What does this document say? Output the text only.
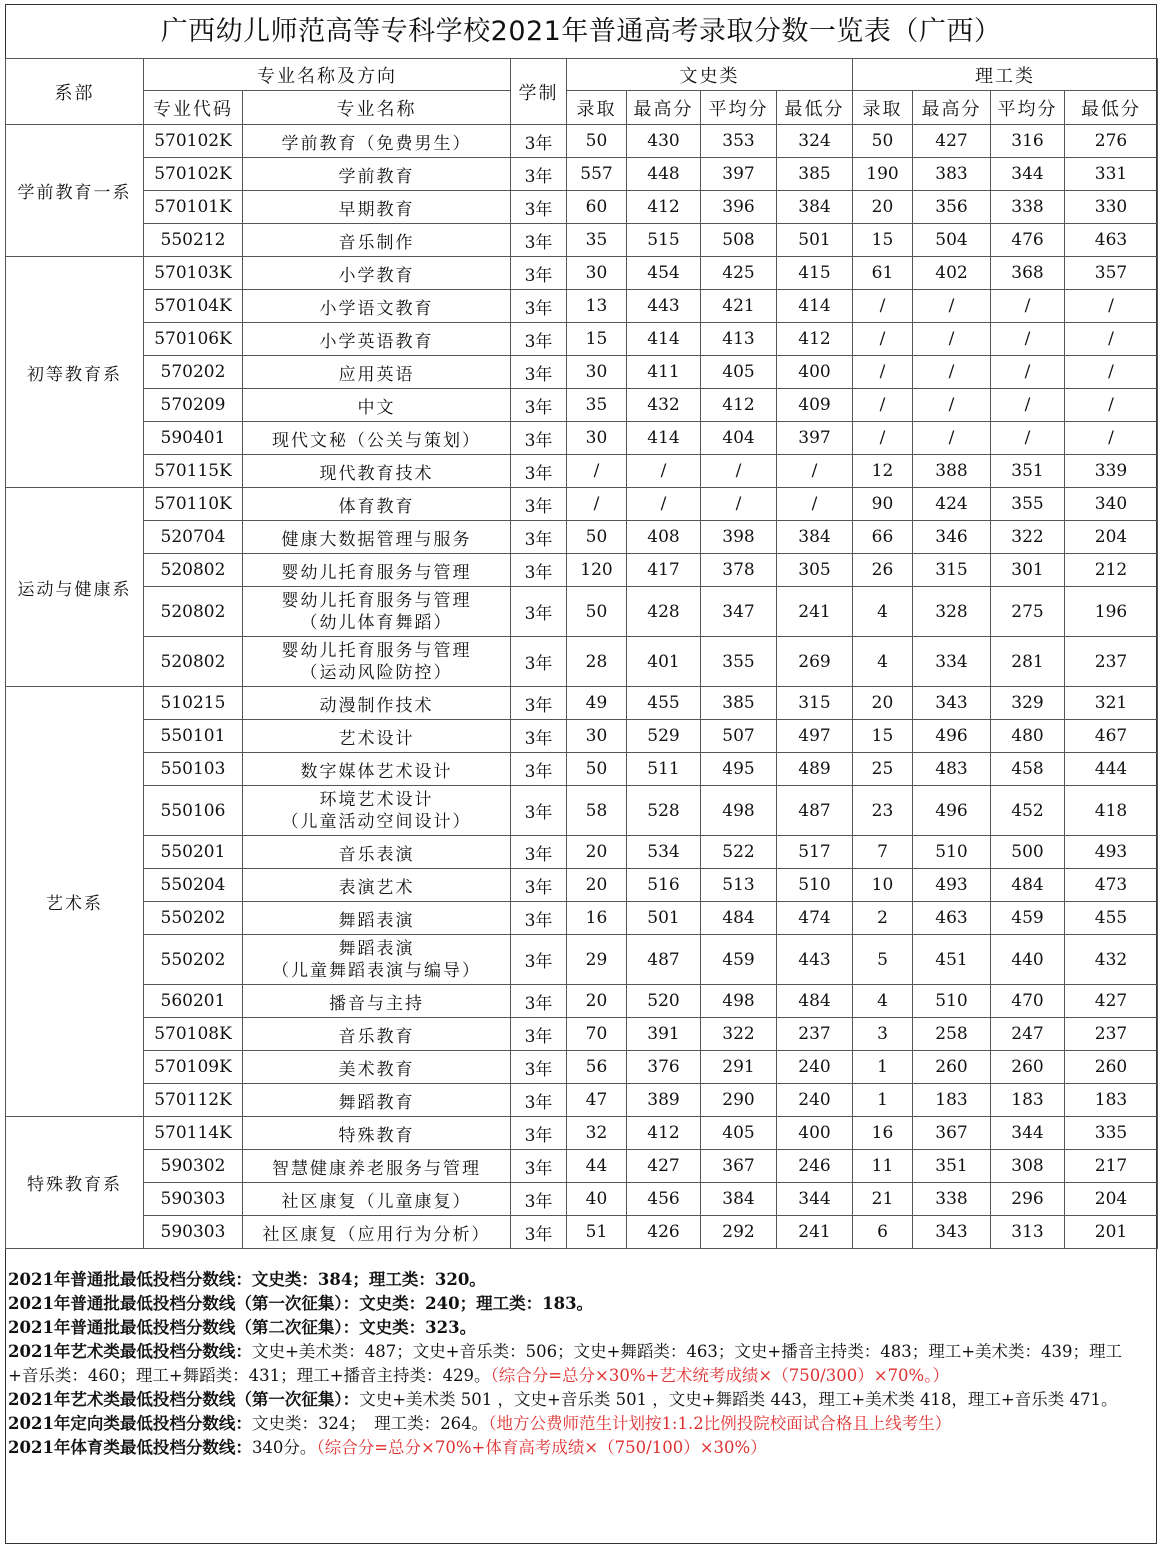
广西幼儿师范高等专科学校2021年普通高考录取分数一览表（广西）
系部	专业名称及方向		学制	文史类				理工类			
	专业代码	专业名称		录取	最高分	平均分	最低分	录取	最高分	平均分	最低分
学前教育一系	570102K	学前教育（免费男生）	3年	50	430	353	324	50	427	316	276
	570102K	学前教育	3年	557	448	397	385	190	383	344	331
	570101K	早期教育	3年	60	412	396	384	20	356	338	330
	550212	音乐制作	3年	35	515	508	501	15	504	476	463
初等教育系	570103K	小学教育	3年	30	454	425	415	61	402	368	357
	570104K	小学语文教育	3年	13	443	421	414	/	/	/	/
	570106K	小学英语教育	3年	15	414	413	412	/	/	/	/
	570202	应用英语	3年	30	411	405	400	/	/	/	/
	570209	中文	3年	35	432	412	409	/	/	/	/
	590401	现代文秘（公关与策划）	3年	30	414	404	397	/	/	/	/
	570115K	现代教育技术	3年	/	/	/	/	12	388	351	339
运动与健康系	570110K	体育教育	3年	/	/	/	/	90	424	355	340
	520704	健康大数据管理与服务	3年	50	408	398	384	66	346	322	204
	520802	婴幼儿托育服务与管理	3年	120	417	378	305	26	315	301	212
	520802	婴幼儿托育服务与管理
（幼儿体育舞蹈）	3年	50	428	347	241	4	328	275	196
	520802	婴幼儿托育服务与管理
（运动风险防控）	3年	28	401	355	269	4	334	281	237
艺术系	510215	动漫制作技术	3年	49	455	385	315	20	343	329	321
	550101	艺术设计	3年	30	529	507	497	15	496	480	467
	550103	数字媒体艺术设计	3年	50	511	495	489	25	483	458	444
	550106	环境艺术设计
（儿童活动空间设计）	3年	58	528	498	487	23	496	452	418
	550201	音乐表演	3年	20	534	522	517	7	510	500	493
	550204	表演艺术	3年	20	516	513	510	10	493	484	473
	550202	舞蹈表演	3年	16	501	484	474	2	463	459	455
	550202	舞蹈表演
（儿童舞蹈表演与编导）	3年	29	487	459	443	5	451	440	432
	560201	播音与主持	3年	20	520	498	484	4	510	470	427
	570108K	音乐教育	3年	70	391	322	237	3	258	247	237
	570109K	美术教育	3年	56	376	291	240	1	260	260	260
	570112K	舞蹈教育	3年	47	389	290	240	1	183	183	183
特殊教育系	570114K	特殊教育	3年	32	412	405	400	16	367	344	335
	590302	智慧健康养老服务与管理	3年	44	427	367	246	11	351	308	217
	590303	社区康复（儿童康复）	3年	40	456	384	344	21	338	296	204
	590303	社区康复（应用行为分析）	3年	51	426	292	241	6	343	313	201
2021年普通批最低投档分数线：文史类：384；理工类：320。
2021年普通批最低投档分数线（第一次征集）：文史类：240；理工类：183。
2021年普通批最低投档分数线（第二次征集）：文史类：323。
2021年艺术类最低投档分数线：文史+美术类：487；文史+音乐类：506；文史+舞蹈类：463；文史+播音主持类：483；理工+美术类：439；理工+音乐类：460；理工+舞蹈类：431；理工+播音主持类：429。（综合分=总分×30%+艺术统考成绩×（750/300）×70%。）
2021年艺术类最低投档分数线（第一次征集）：文史+美术类 501 ，文史+音乐类 501 ，文史+舞蹈类 443，理工+美术类 418，理工+音乐类 471。
2021年定向类最低投档分数线：文史类：324；　理工类：264。（地方公费师范生计划按1:1.2比例投院校面试合格且上线考生）
2021年体育类最低投档分数线：340分。（综合分=总分×70%+体育高考成绩×（750/100）×30%）
